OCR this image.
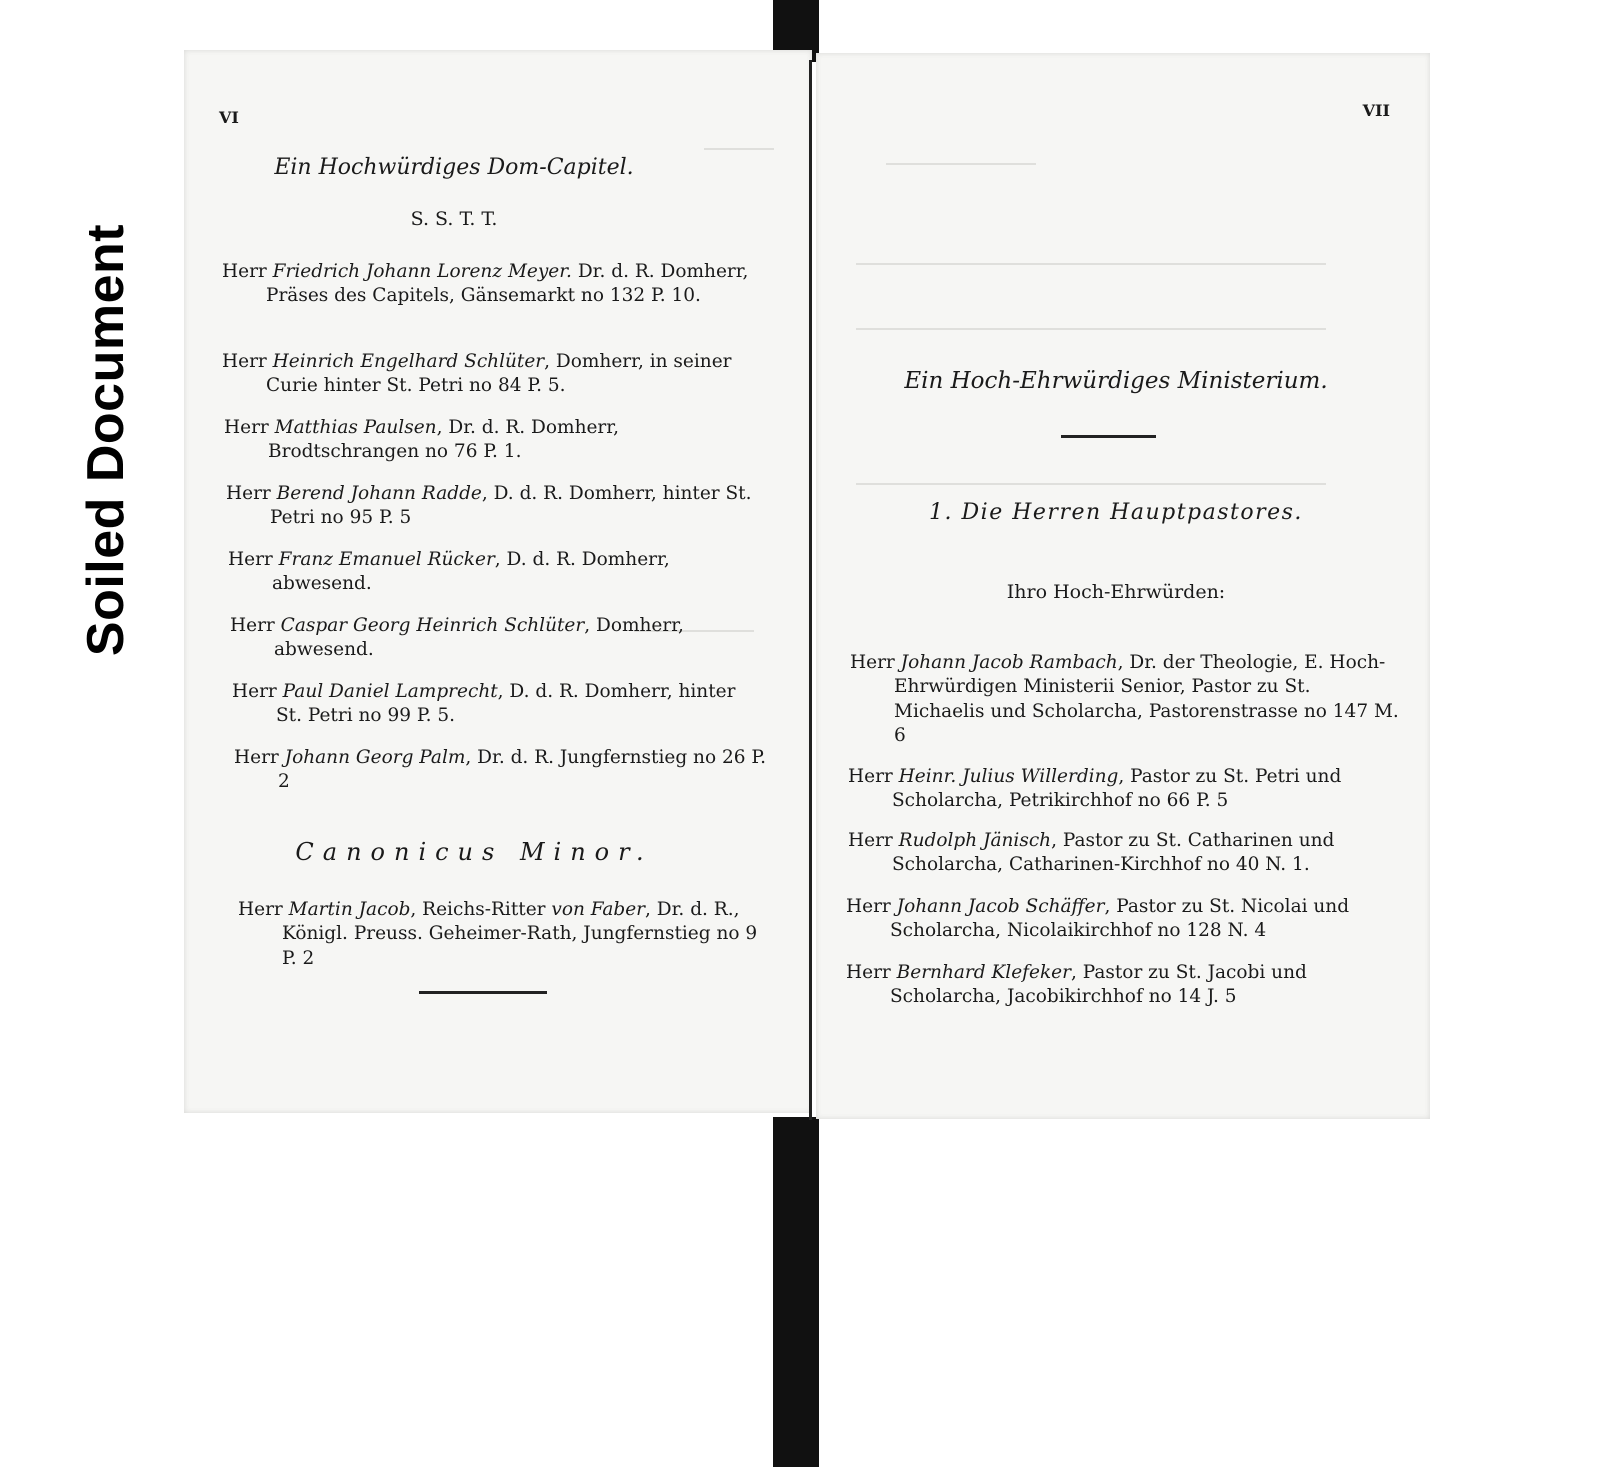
Soiled Document
VI
Ein Hochwürdiges Dom-Capitel.
S. S. T. T.
Herr Friedrich Johann Lorenz Meyer. Dr. d. R. Domherr, Präses des Capitels, Gänsemarkt no 132 P. 10.
Herr Heinrich Engelhard Schlüter, Domherr, in seiner Curie hinter St. Petri no 84 P. 5.
Herr Matthias Paulsen, Dr. d. R. Domherr, Brodtschrangen no 76 P. 1.
Herr Berend Johann Radde, D. d. R. Domherr, hinter St. Petri no 95 P. 5
Herr Franz Emanuel Rücker, D. d. R. Domherr, abwesend.
Herr Caspar Georg Heinrich Schlüter, Domherr, abwesend.
Herr Paul Daniel Lamprecht, D. d. R. Domherr, hinter St. Petri no 99 P. 5.
Herr Johann Georg Palm, Dr. d. R. Jungfernstieg no 26 P. 2
Canonicus Minor.
Herr Martin Jacob, Reichs-Ritter von Faber, Dr. d. R., Königl. Preuss. Geheimer-Rath, Jungfernstieg no 9 P. 2
VII
Ein Hoch-Ehrwürdiges Ministerium.
1. Die Herren Hauptpastores.
Ihro Hoch-Ehrwürden:
Herr Johann Jacob Rambach, Dr. der Theologie, E. Hoch-Ehrwürdigen Ministerii Senior, Pastor zu St. Michaelis und Scholarcha, Pastorenstrasse no 147 M. 6
Herr Heinr. Julius Willerding, Pastor zu St. Petri und Scholarcha, Petrikirchhof no 66 P. 5
Herr Rudolph Jänisch, Pastor zu St. Catharinen und Scholarcha, Catharinen-Kirchhof no 40 N. 1.
Herr Johann Jacob Schäffer, Pastor zu St. Nicolai und Scholarcha, Nicolaikirchhof no 128 N. 4
Herr Bernhard Klefeker, Pastor zu St. Jacobi und Scholarcha, Jacobikirchhof no 14 J. 5
